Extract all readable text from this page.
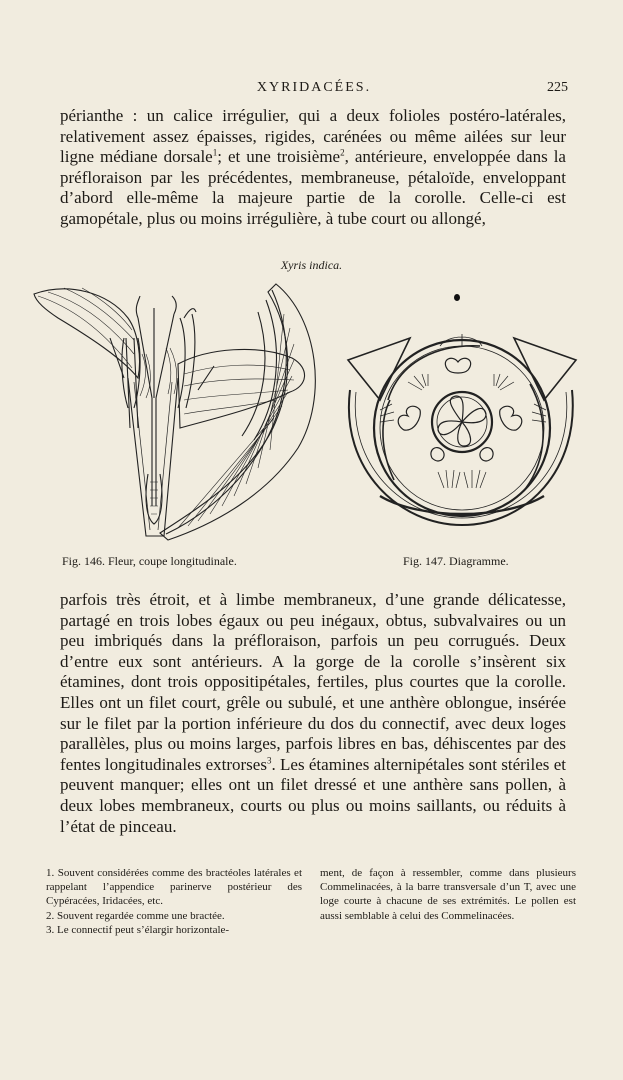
XYRIDACÉES.	225

périanthe : un calice irrégulier, qui a deux folioles postéro-latérales, relativement assez épaisses, rigides, carénées ou même ailées sur leur ligne médiane dorsale$^1$; et une troisième$^2$, antérieure, enveloppée dans la préfloraison par les précédentes, membraneuse, pétaloïde, enveloppant d’abord elle-même la majeure partie de la corolle. Celle-ci est gamopétale, plus ou moins irrégulière, à tube court ou allongé,

Xyris indica.
Fig. 146. Fleur, coupe longitudinale.	Fig. 147. Diagramme.

parfois très étroit, et à limbe membraneux, d’une grande délicatesse, partagé en trois lobes égaux ou peu inégaux, obtus, subvalvaires ou un peu imbriqués dans la préfloraison, parfois un peu corrugués. Deux d’entre eux sont antérieurs. A la gorge de la corolle s’insèrent six étamines, dont trois oppositipétales, fertiles, plus courtes que la corolle. Elles ont un filet court, grêle ou subulé, et une anthère oblongue, insérée sur le filet par la portion inférieure du dos du connectif, avec deux loges parallèles, plus ou moins larges, parfois libres en bas, déhiscentes par des fentes longitudinales extrorses$^3$. Les étamines alternipétales sont stériles et peuvent manquer; elles ont un filet dressé et une anthère sans pollen, à deux lobes membraneux, courts ou plus ou moins saillants, ou réduits à l’état de pinceau.

1. Souvent considérées comme des bractéoles latérales et rappelant l’appendice parinerve postérieur des Cypéracées, Iridacées, etc.

2. Souvent regardée comme une bractée.

3. Le connectif peut s’élargir horizontale-

ment, de façon à ressembler, comme dans plusieurs Commelinacées, à la barre transversale d’un T, avec une loge courte à chacune de ses extrémités. Le pollen est aussi semblable à celui des Commelinacées.
